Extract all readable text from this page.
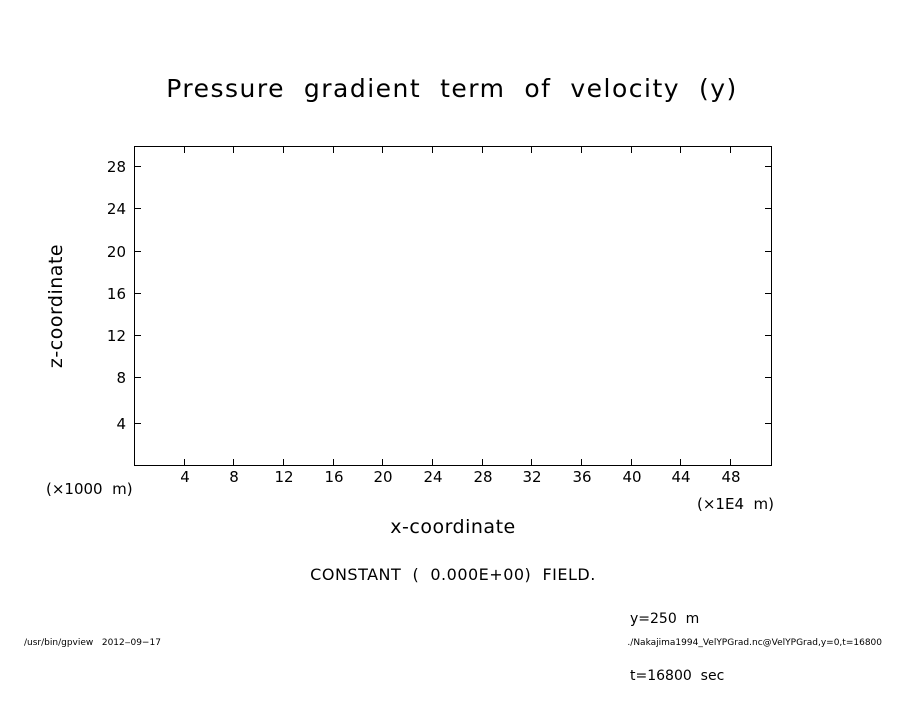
Pressure  gradient  term  of  velocity  (y)
4	8	12	16	20	24	28	32	36	40	44	48
4
8
12
16
20
24
28
x-coordinate
z-coordinate
(×1000  m)
(×1E4  m)
CONSTANT  (  0.000E+00)  FIELD.

y=250  m

t=16800  sec

/usr/bin/gpview   2012‒09−17	./Nakajima1994_VelYPGrad.nc@VelYPGrad,y=0,t=16800
